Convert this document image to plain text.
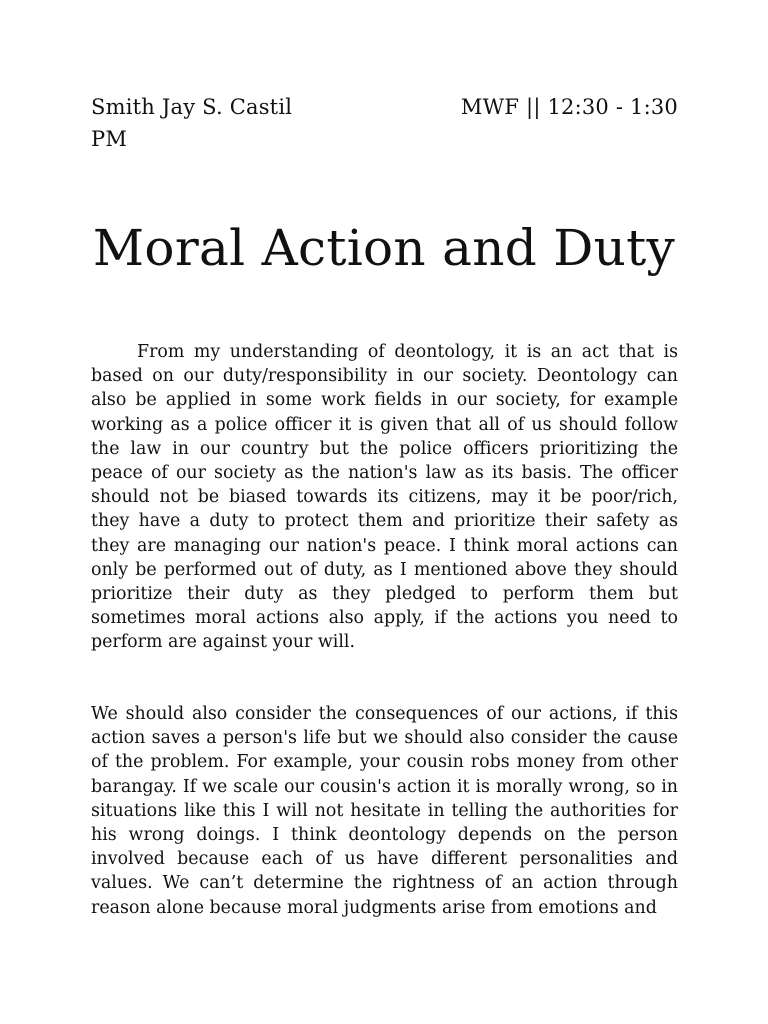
Smith Jay S. Castil	MWF || 12:30 - 1:30
PM
Moral Action and Duty

From my understanding of deontology, it is an act that is based on our duty/responsibility in our society. Deontology can also be applied in some work fields in our society, for example working as a police officer it is given that all of us should follow the law in our country but the police officers prioritizing the peace of our society as the nation's law as its basis. The officer should not be biased towards its citizens, may it be poor/rich, they have a duty to protect them and prioritize their safety as they are managing our nation's peace. I think moral actions can only be performed out of duty, as I mentioned above they should prioritize their duty as they pledged to perform them but sometimes moral actions also apply, if the actions you need to perform are against your will.

We should also consider the consequences of our actions, if this action saves a person's life but we should also consider the cause of the problem. For example, your cousin robs money from other barangay. If we scale our cousin's action it is morally wrong, so in situations like this I will not hesitate in telling the authorities for his wrong doings. I think deontology depends on the person involved because each of us have different personalities and values. We can’t determine the rightness of an action through reason alone because moral judgments arise from emotions and
